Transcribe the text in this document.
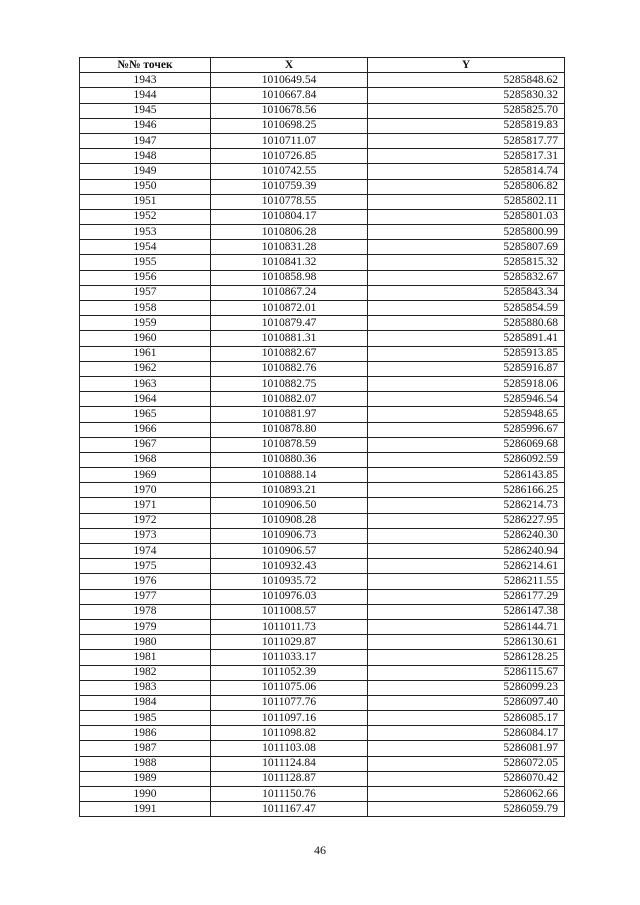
№№ точек	X	Y
1943	1010649.54	5285848.62
1944	1010667.84	5285830.32
1945	1010678.56	5285825.70
1946	1010698.25	5285819.83
1947	1010711.07	5285817.77
1948	1010726.85	5285817.31
1949	1010742.55	5285814.74
1950	1010759.39	5285806.82
1951	1010778.55	5285802.11
1952	1010804.17	5285801.03
1953	1010806.28	5285800.99
1954	1010831.28	5285807.69
1955	1010841.32	5285815.32
1956	1010858.98	5285832.67
1957	1010867.24	5285843.34
1958	1010872.01	5285854.59
1959	1010879.47	5285880.68
1960	1010881.31	5285891.41
1961	1010882.67	5285913.85
1962	1010882.76	5285916.87
1963	1010882.75	5285918.06
1964	1010882.07	5285946.54
1965	1010881.97	5285948.65
1966	1010878.80	5285996.67
1967	1010878.59	5286069.68
1968	1010880.36	5286092.59
1969	1010888.14	5286143.85
1970	1010893.21	5286166.25
1971	1010906.50	5286214.73
1972	1010908.28	5286227.95
1973	1010906.73	5286240.30
1974	1010906.57	5286240.94
1975	1010932.43	5286214.61
1976	1010935.72	5286211.55
1977	1010976.03	5286177.29
1978	1011008.57	5286147.38
1979	1011011.73	5286144.71
1980	1011029.87	5286130.61
1981	1011033.17	5286128.25
1982	1011052.39	5286115.67
1983	1011075.06	5286099.23
1984	1011077.76	5286097.40
1985	1011097.16	5286085.17
1986	1011098.82	5286084.17
1987	1011103.08	5286081.97
1988	1011124.84	5286072.05
1989	1011128.87	5286070.42
1990	1011150.76	5286062.66
1991	1011167.47	5286059.79
46
